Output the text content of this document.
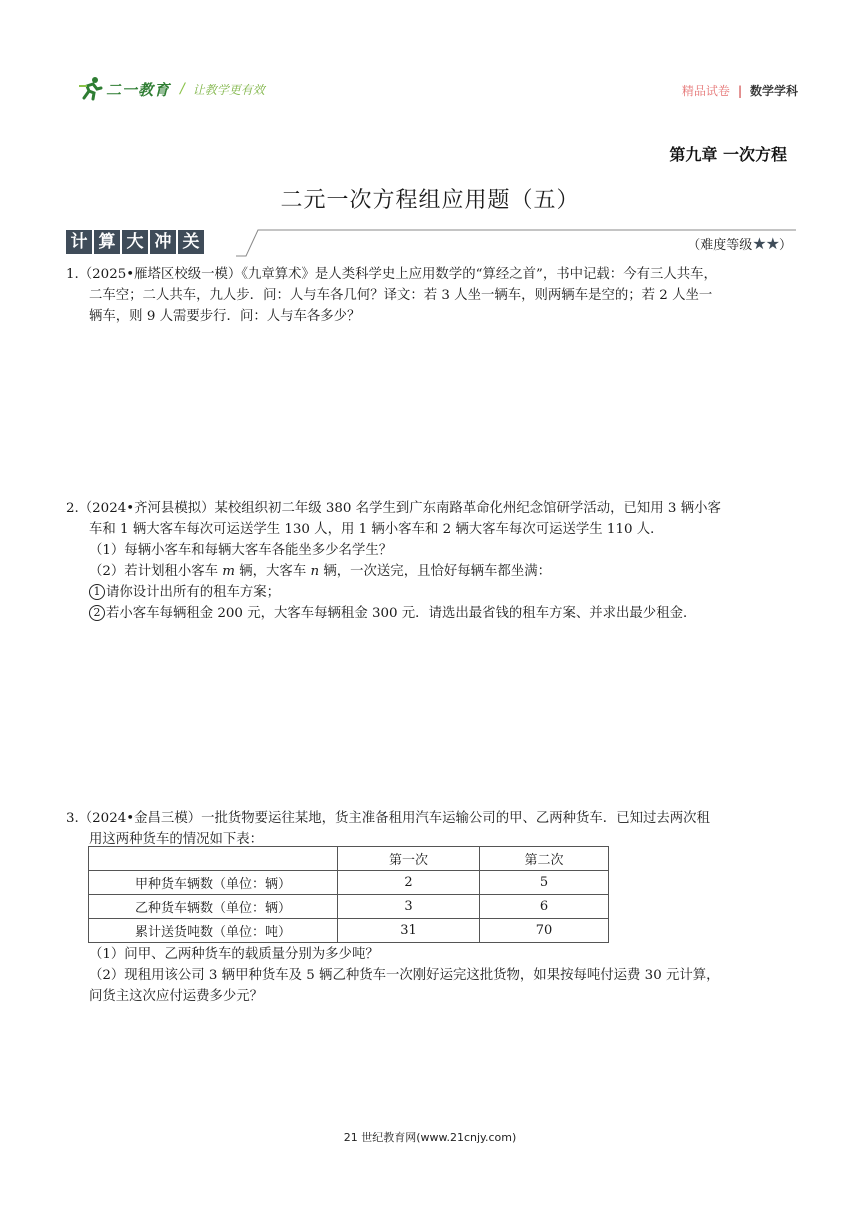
二一教育 / 让教学更有效	精品试卷 | 数学学科
第九章 一次方程
二元一次方程组应用题（五）
计 算 大 冲 关	（难度等级★★）

1.（2025•雁塔区校级一模）《九章算术》是人类科学史上应用数学的“算经之首”，书中记载：今有三人共车，

二车空；二人共车，九人步．问：人与车各几何？译文：若 3 人坐一辆车，则两辆车是空的；若 2 人坐一

辆车，则 9 人需要步行．问：人与车各多少？

2.（2024•齐河县模拟）某校组织初二年级 380 名学生到广东南路革命化州纪念馆研学活动，已知用 3 辆小客

车和 1 辆大客车每次可运送学生 130 人，用 1 辆小客车和 2 辆大客车每次可运送学生 110 人．

（1）每辆小客车和每辆大客车各能坐多少名学生？

（2）若计划租小客车 m 辆，大客车 n 辆，一次送完，且恰好每辆车都坐满：

1 请你设计出所有的租车方案；

2 若小客车每辆租金 200 元，大客车每辆租金 300 元．请选出最省钱的租车方案、并求出最少租金．

3.（2024•金昌三模）一批货物要运往某地，货主准备租用汽车运输公司的甲、乙两种货车．已知过去两次租

用这两种货车的情况如下表：

	第一次	第二次
甲种货车辆数（单位：辆）	2	5
乙种货车辆数（单位：辆）	3	6
累计送货吨数（单位：吨）	31	70

（1）问甲、乙两种货车的载质量分别为多少吨？

（2）现租用该公司 3 辆甲种货车及 5 辆乙种货车一次刚好运完这批货物，如果按每吨付运费 30 元计算，

问货主这次应付运费多少元？

21 世纪教育网(www.21cnjy.com)
